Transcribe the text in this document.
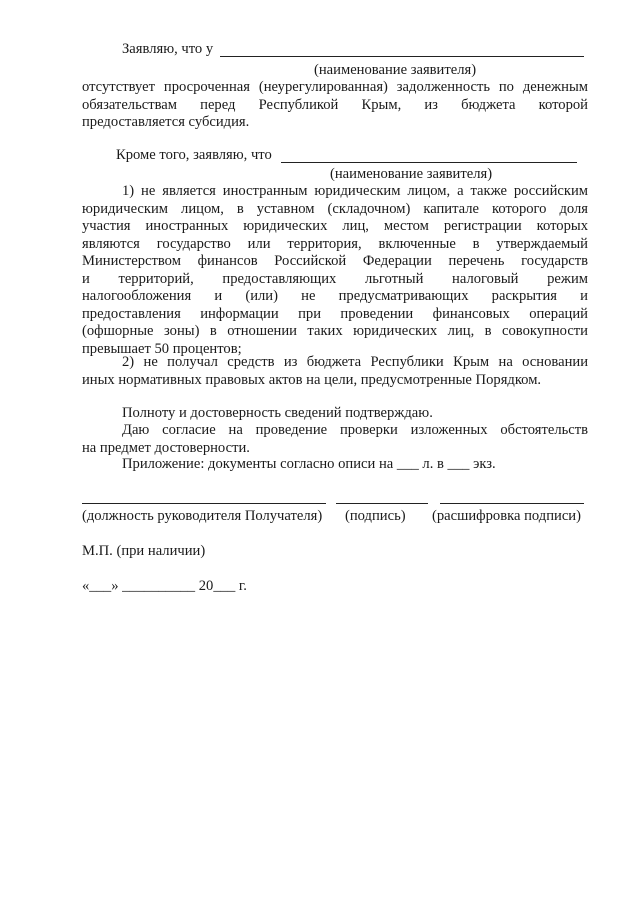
Заявляю, что у
(наименование заявителя)

отсутствует просроченная (неурегулированная) задолженность по денежным

обязательствам перед Республикой Крым, из бюджета которой

предоставляется субсидия.

Кроме того, заявляю, что
(наименование заявителя)

1) не является иностранным юридическим лицом, а также российским

юридическим лицом, в уставном (складочном) капитале которого доля

участия иностранных юридических лиц, местом регистрации которых

являются государство или территория, включенные в утверждаемый

Министерством финансов Российской Федерации перечень государств

и территорий, предоставляющих льготный налоговый режим

налогообложения и (или) не предусматривающих раскрытия и

предоставления информации при проведении финансовых операций

(офшорные зоны) в отношении таких юридических лиц, в совокупности

превышает 50 процентов;

2) не получал средств из бюджета Республики Крым на основании

иных нормативных правовых актов на цели, предусмотренные Порядком.

Полноту и достоверность сведений подтверждаю.

Даю согласие на проведение проверки изложенных обстоятельств

на предмет достоверности.

Приложение: документы согласно описи на ___ л. в ___ экз.
(должность руководителя Получателя) (подпись) (расшифровка подписи)
М.П. (при наличии)
«___» __________ 20___ г.
